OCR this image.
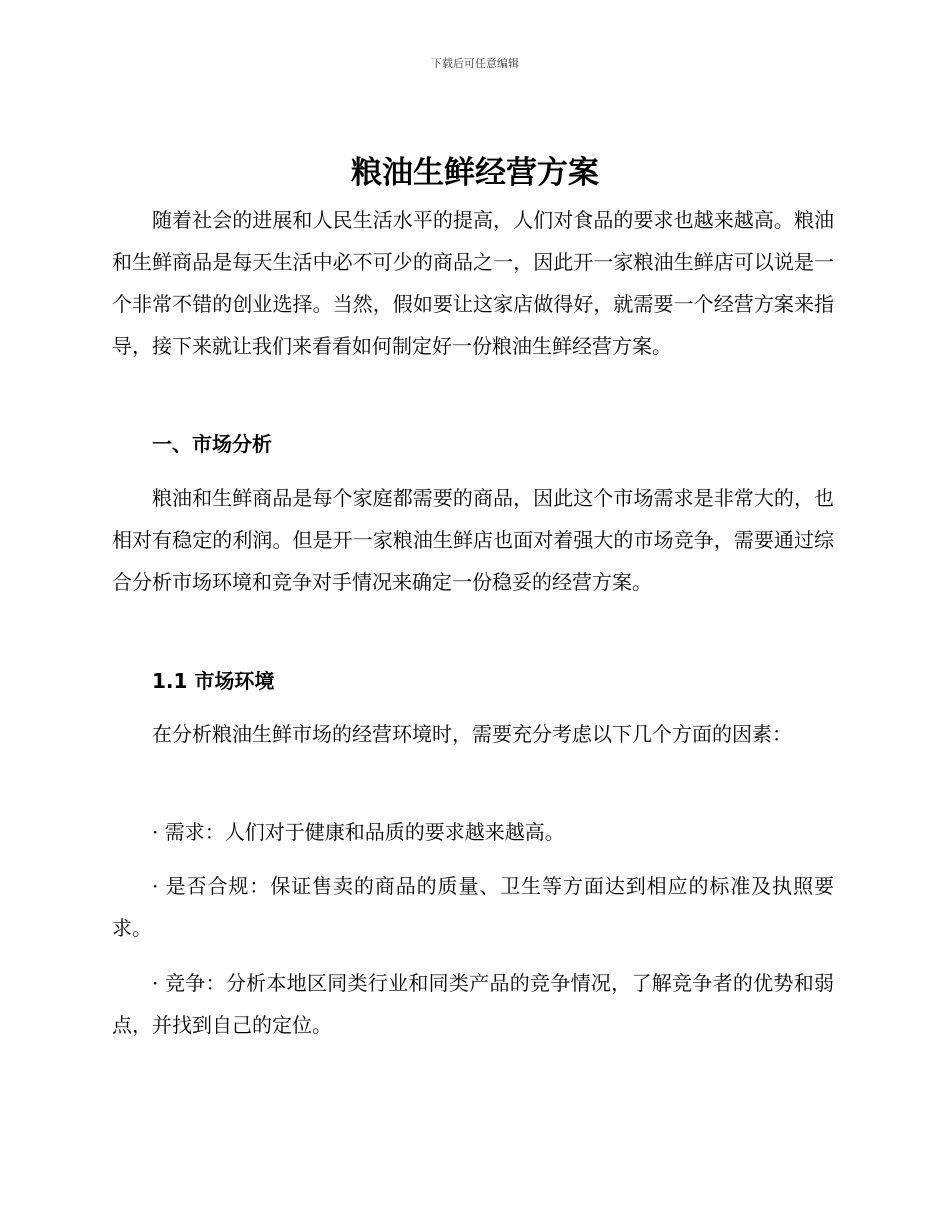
下载后可任意编辑
粮油生鲜经营方案

随着社会的进展和人民生活水平的提高，人们对食品的要求也越来越高。粮油和生鲜商品是每天生活中必不可少的商品之一，因此开一家粮油生鲜店可以说是一个非常不错的创业选择。当然，假如要让这家店做得好，就需要一个经营方案来指导，接下来就让我们来看看如何制定好一份粮油生鲜经营方案。

一、市场分析

粮油和生鲜商品是每个家庭都需要的商品，因此这个市场需求是非常大的，也相对有稳定的利润。但是开一家粮油生鲜店也面对着强大的市场竞争，需要通过综合分析市场环境和竞争对手情况来确定一份稳妥的经营方案。

1.1 市场环境

在分析粮油生鲜市场的经营环境时，需要充分考虑以下几个方面的因素：

· 需求：人们对于健康和品质的要求越来越高。

· 是否合规：保证售卖的商品的质量、卫生等方面达到相应的标准及执照要求。

· 竞争：分析本地区同类行业和同类产品的竞争情况，了解竞争者的优势和弱点，并找到自己的定位。
